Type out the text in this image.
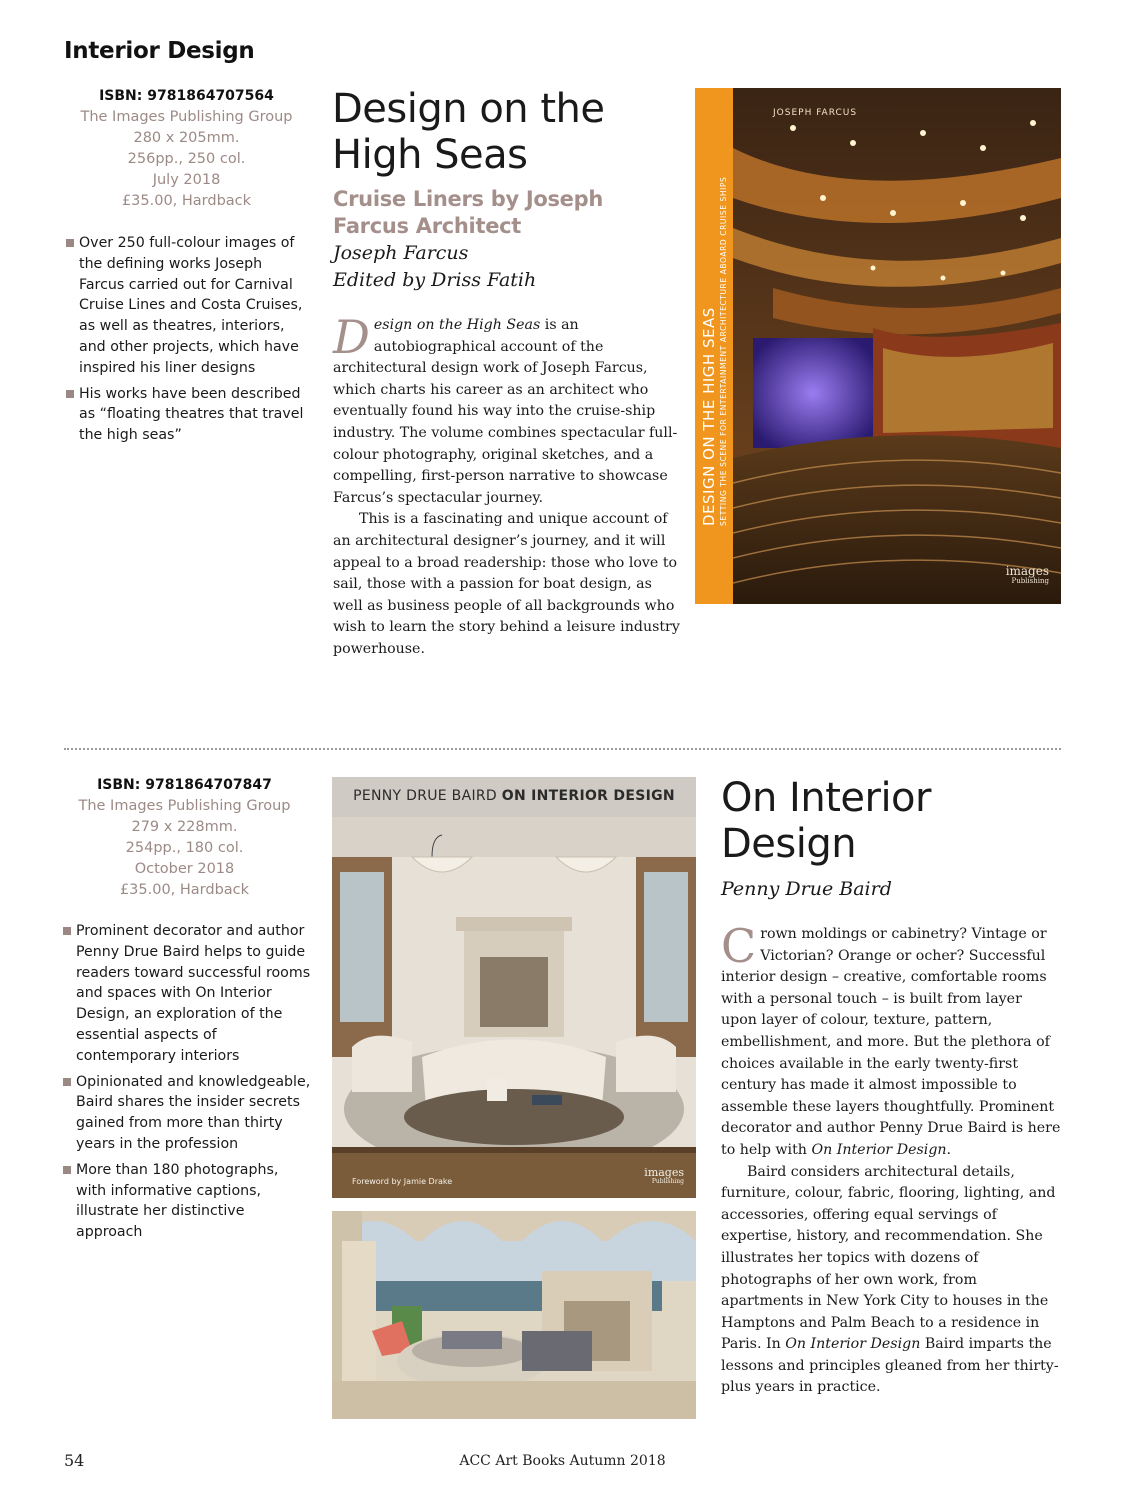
Interior Design
ISBN: 9781864707564
The Images Publishing Group
280 x 205mm.
256pp., 250 col.
July 2018
£35.00, Hardback
Over 250 full-colour images of the defining works Joseph Farcus carried out for Carnival Cruise Lines and Costa Cruises, as well as theatres, interiors, and other projects, which have inspired his liner designs
His works have been described as “floating theatres that travel the high seas”
Design on the
High Seas
Cruise Liners by Joseph Farcus Architect
Joseph Farcus
Edited by Driss Fatih

Design on the High Seas is an autobiographical account of the architectural design work of Joseph Farcus, which charts his career as an architect who eventually found his way into the cruise-ship industry. The volume combines spectacular full-colour photography, original sketches, and a compelling, first-person narrative to showcase Farcus’s spectacular journey.

This is a fascinating and unique account of an architectural designer’s journey, and it will appeal to a broad readership: those who love to sail, those with a passion for boat design, as well as business people of all backgrounds who wish to learn the story behind a leisure industry powerhouse.

DESIGN ON THE HIGH SEAS SETTING THE SCENE FOR ENTERTAINMENT ARCHITECTURE ABOARD CRUISE SHIPS
JOSEPH FARCUS
images
Publishing
ISBN: 9781864707847
The Images Publishing Group
279 x 228mm.
254pp., 180 col.
October 2018
£35.00, Hardback
Prominent decorator and author Penny Drue Baird helps to guide readers toward successful rooms and spaces with On Interior Design, an exploration of the essential aspects of contemporary interiors
Opinionated and knowledgeable, Baird shares the insider secrets gained from more than thirty years in the profession
More than 180 photographs, with informative captions, illustrate her distinctive approach
PENNY DRUE BAIRD ON INTERIOR DESIGN
Foreword by Jamie Drake
images
Publishing
On Interior
Design
Penny Drue Baird

Crown moldings or cabinetry? Vintage or Victorian? Orange or ocher? Successful interior design – creative, comfortable rooms with a personal touch – is built from layer upon layer of colour, texture, pattern, embellishment, and more. But the plethora of choices available in the early twenty-first century has made it almost impossible to assemble these layers thoughtfully. Prominent decorator and author Penny Drue Baird is here to help with On Interior Design.

Baird considers architectural details, furniture, colour, fabric, flooring, lighting, and accessories, offering equal servings of expertise, history, and recommendation. She illustrates her topics with dozens of photographs of her own work, from apartments in New York City to houses in the Hamptons and Palm Beach to a residence in Paris. In On Interior Design Baird imparts the lessons and principles gleaned from her thirty-plus years in practice.

54	ACC Art Books Autumn 2018
